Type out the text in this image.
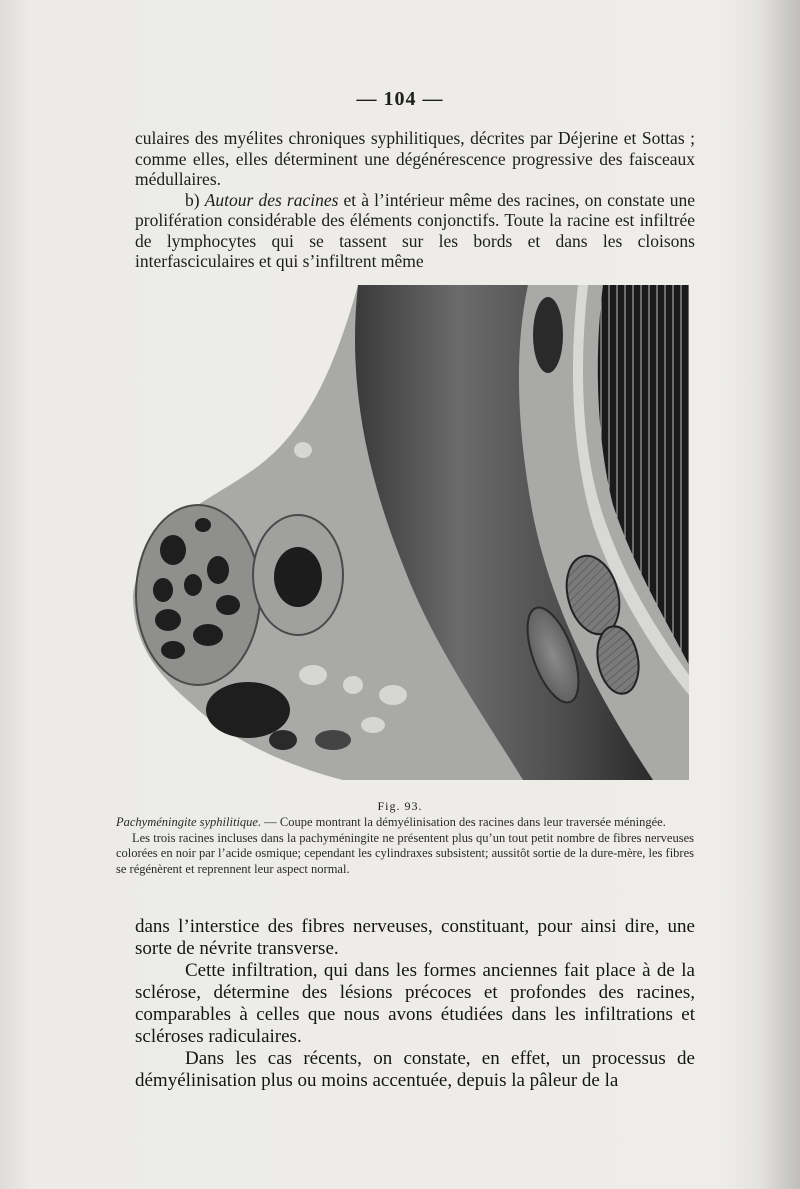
— 104 —

culaires des myélites chroniques syphilitiques, décrites par Déjerine et Sottas ; comme elles, elles déterminent une dégénérescence progressive des faisceaux médullaires.

b) Autour des racines et à l’intérieur même des racines, on constate une prolifération considérable des éléments conjonctifs. Toute la racine est infiltrée de lymphocytes qui se tassent sur les bords et dans les cloisons interfasciculaires et qui s’infiltrent même

Fig. 93.

Pachyméningite syphilitique. — Coupe montrant la démyélinisation des racines dans leur traversée méningée.

Les trois racines incluses dans la pachyméningite ne présentent plus qu’un tout petit nombre de fibres nerveuses colorées en noir par l’acide osmique; cependant les cylindraxes subsistent; aussitôt sortie de la dure-mère, les fibres se régénèrent et reprennent leur aspect normal.

dans l’interstice des fibres nerveuses, constituant, pour ainsi dire, une sorte de névrite transverse.

Cette infiltration, qui dans les formes anciennes fait place à de la sclérose, détermine des lésions précoces et profondes des racines, comparables à celles que nous avons étudiées dans les infiltrations et scléroses radiculaires.

Dans les cas récents, on constate, en effet, un processus de démyélinisation plus ou moins accentuée, depuis la pâleur de la
